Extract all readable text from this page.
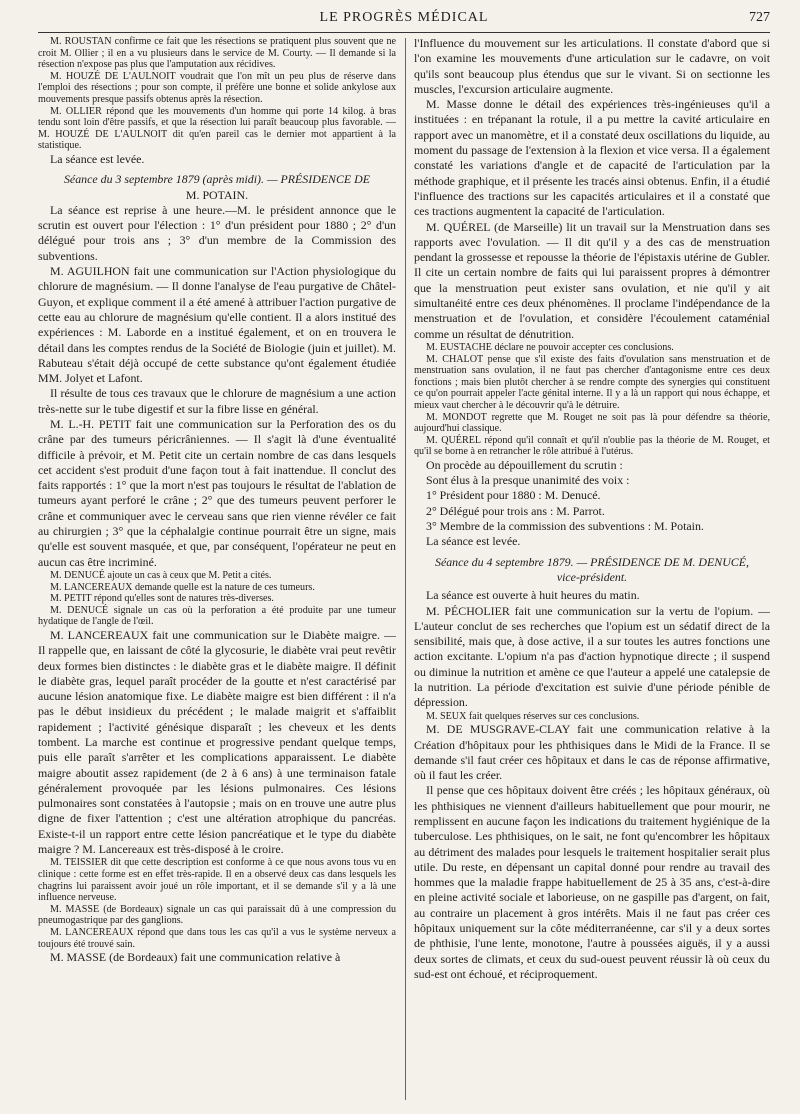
LE PROGRÈS MÉDICAL	727

M. ROUSTAN confirme ce fait que les résections se pratiquent plus souvent que ne croit M. Ollier ; il en a vu plusieurs dans le service de M. Courty. — Il demande si la résection n'expose pas plus que l'amputation aux récidives.

M. HOUZÉ DE L'AULNOIT voudrait que l'on mît un peu plus de réserve dans l'emploi des résections ; pour son compte, il préfère une bonne et solide ankylose aux mouvements presque passifs obtenus après la résection.

M. OLLIER répond que les mouvements d'un homme qui porte 14 kilog. à bras tendu sont loin d'être passifs, et que la résection lui paraît beaucoup plus favorable. — M. HOUZÉ DE L'AULNOIT dit qu'en pareil cas le dernier mot appartient à la statistique.

La séance est levée.

Séance du 3 septembre 1879 (après midi). — PRÉSIDENCE DE
M. POTAIN.

La séance est reprise à une heure.—M. le président annonce que le scrutin est ouvert pour l'élection : 1° d'un président pour 1880 ; 2° d'un délégué pour trois ans ; 3° d'un membre de la Commission des subventions.

M. AGUILHON fait une communication sur l'Action physiologique du chlorure de magnésium. — Il donne l'analyse de l'eau purgative de Châtel-Guyon, et explique comment il a été amené à attribuer l'action purgative de cette eau au chlorure de magnésium qu'elle contient. Il a alors institué des expériences : M. Laborde en a institué également, et on en trouvera le détail dans les comptes rendus de la Société de Biologie (juin et juillet). M. Rabuteau s'était déjà occupé de cette substance qu'ont également étudiée MM. Jolyet et Lafont.

Il résulte de tous ces travaux que le chlorure de magnésium a une action très-nette sur le tube digestif et sur la fibre lisse en général.

M. L.-H. PETIT fait une communication sur la Perforation des os du crâne par des tumeurs péricrâniennes. — Il s'agit là d'une éventualité difficile à prévoir, et M. Petit cite un certain nombre de cas dans lesquels cet accident s'est produit d'une façon tout à fait inattendue. Il conclut des faits rapportés : 1° que la mort n'est pas toujours le résultat de l'ablation de tumeurs ayant perforé le crâne ; 2° que des tumeurs peuvent perforer le crâne et communiquer avec le cerveau sans que rien vienne révéler ce fait au chirurgien ; 3° que la céphalalgie continue pourrait être un signe, mais qu'elle est souvent masquée, et que, par conséquent, l'opérateur ne peut en aucun cas être incriminé.

M. DENUCÉ ajoute un cas à ceux que M. Petit a cités.

M. LANCEREAUX demande quelle est la nature de ces tumeurs.

M. PETIT répond qu'elles sont de natures très-diverses.

M. DENUCÉ signale un cas où la perforation a été produite par une tumeur hydatique de l'angle de l'œil.

M. LANCEREAUX fait une communication sur le Diabète maigre. — Il rappelle que, en laissant de côté la glycosurie, le diabète vrai peut revêtir deux formes bien distinctes : le diabète gras et le diabète maigre. Il définit le diabète gras, lequel paraît procéder de la goutte et n'est caractérisé par aucune lésion anatomique fixe. Le diabète maigre est bien différent : il n'a pas le début insidieux du précédent ; le malade maigrit et s'affaiblit rapidement ; l'activité génésique disparaît ; les cheveux et les dents tombent. La marche est continue et progressive pendant quelque temps, puis elle paraît s'arrêter et les complications apparaissent. Le diabète maigre aboutit assez rapidement (de 2 à 6 ans) à une terminaison fatale généralement provoquée par les lésions pulmonaires. Ces lésions pulmonaires sont constatées à l'autopsie ; mais on en trouve une autre plus digne de fixer l'attention ; c'est une altération atrophique du pancréas. Existe-t-il un rapport entre cette lésion pancréatique et le type du diabète maigre ? M. Lancereaux est très-disposé à le croire.

M. TEISSIER dit que cette description est conforme à ce que nous avons tous vu en clinique : cette forme est en effet très-rapide. Il en a observé deux cas dans lesquels les chagrins lui paraissent avoir joué un rôle important, et il se demande s'il y a là une influence nerveuse.

M. MASSE (de Bordeaux) signale un cas qui paraissait dû à une compression du pneumogastrique par des ganglions.

M. LANCEREAUX répond que dans tous les cas qu'il a vus le système nerveux a toujours été trouvé sain.

M. MASSE (de Bordeaux) fait une communication relative à

l'Influence du mouvement sur les articulations. Il constate d'abord que si l'on examine les mouvements d'une articulation sur le cadavre, on voit qu'ils sont beaucoup plus étendus que sur le vivant. Si on sectionne les muscles, l'excursion articulaire augmente.

M. Masse donne le détail des expériences très-ingénieuses qu'il a instituées : en trépanant la rotule, il a pu mettre la cavité articulaire en rapport avec un manomètre, et il a constaté deux oscillations du liquide, au moment du passage de l'extension à la flexion et vice versa. Il a également constaté les variations d'angle et de capacité de l'articulation par la méthode graphique, et il présente les tracés ainsi obtenus. Enfin, il a étudié l'influence des tractions sur les capacités articulaires et il a constaté que ces tractions augmentent la capacité de l'articulation.

M. QUÉREL (de Marseille) lit un travail sur la Menstruation dans ses rapports avec l'ovulation. — Il dit qu'il y a des cas de menstruation pendant la grossesse et repousse la théorie de l'épistaxis utérine de Gubler. Il cite un certain nombre de faits qui lui paraissent propres à démontrer que la menstruation peut exister sans ovulation, et nie qu'il y ait simultanéité entre ces deux phénomènes. Il proclame l'indépendance de la menstruation et de l'ovulation, et considère l'écoulement cataménial comme un résultat de dénutrition.

M. EUSTACHE déclare ne pouvoir accepter ces conclusions.

M. CHALOT pense que s'il existe des faits d'ovulation sans menstruation et de menstruation sans ovulation, il ne faut pas chercher d'antagonisme entre ces deux fonctions ; mais bien plutôt chercher à se rendre compte des synergies qui constituent ce qu'on pourrait appeler l'acte génital interne. Il y a là un rapport qui nous échappe, et mieux vaut chercher à le découvrir qu'à le détruire.

M. MONDOT regrette que M. Rouget ne soit pas là pour défendre sa théorie, aujourd'hui classique.

M. QUÉREL répond qu'il connaît et qu'il n'oublie pas la théorie de M. Rouget, et qu'il se borne à en retrancher le rôle attribué à l'utérus.

On procède au dépouillement du scrutin :

Sont élus à la presque unanimité des voix :

1° Président pour 1880 : M. Denucé.

2° Délégué pour trois ans : M. Parrot.

3° Membre de la commission des subventions : M. Potain.

La séance est levée.

Séance du 4 septembre 1879. — PRÉSIDENCE DE M. DENUCÉ,
vice-président.

La séance est ouverte à huit heures du matin.

M. PÉCHOLIER fait une communication sur la vertu de l'opium. — L'auteur conclut de ses recherches que l'opium est un sédatif direct de la sensibilité, mais que, à dose active, il a sur toutes les autres fonctions une action excitante. L'opium n'a pas d'action hypnotique directe ; il suspend ou diminue la nutrition et amène ce que l'auteur a appelé une catalepsie de la nutrition. La période d'excitation est suivie d'une période pénible de dépression.

M. SEUX fait quelques réserves sur ces conclusions.

M. DE MUSGRAVE-CLAY fait une communication relative à la Création d'hôpitaux pour les phthisiques dans le Midi de la France. Il se demande s'il faut créer ces hôpitaux et dans le cas de réponse affirmative, où il faut les créer.

Il pense que ces hôpitaux doivent être créés ; les hôpitaux généraux, où les phthisiques ne viennent d'ailleurs habituellement que pour mourir, ne remplissent en aucune façon les indications du traitement hygiénique de la tuberculose. Les phthisiques, on le sait, ne font qu'encombrer les hôpitaux au détriment des malades pour lesquels le traitement hospitalier serait plus utile. Du reste, en dépensant un capital donné pour rendre au travail des hommes que la maladie frappe habituellement de 25 à 35 ans, c'est-à-dire en pleine activité sociale et laborieuse, on ne gaspille pas d'argent, on fait, au contraire un placement à gros intérêts. Mais il ne faut pas créer ces hôpitaux uniquement sur la côte méditerranéenne, car s'il y a deux sortes de phthisie, l'une lente, monotone, l'autre à poussées aiguës, il y a aussi deux sortes de climats, et ceux du sud-ouest peuvent réussir là où ceux du sud-est ont échoué, et réciproquement.
